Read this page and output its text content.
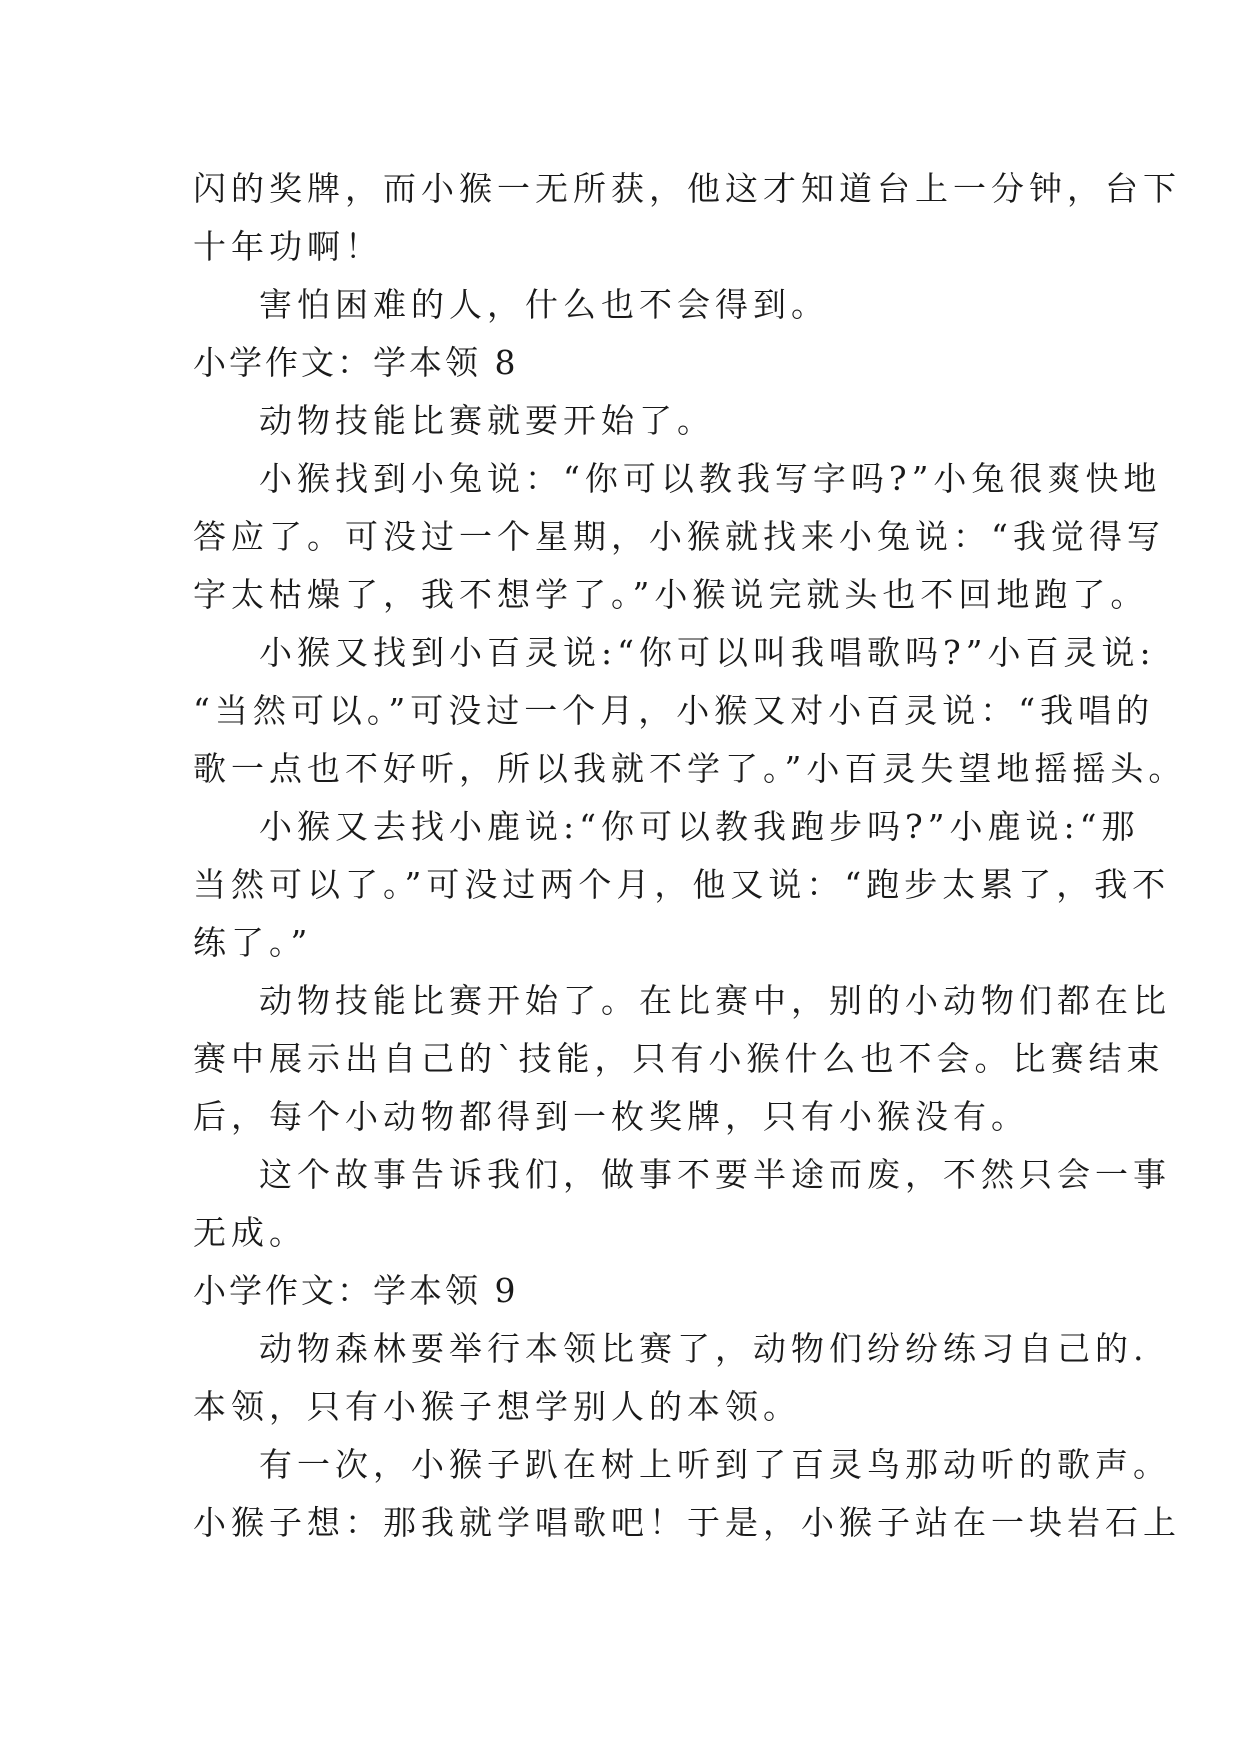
闪的奖牌，而小猴一无所获，他这才知道台上一分钟，台下
十年功啊！
害怕困难的人，什么也不会得到。
小学作文：学本领 8
动物技能比赛就要开始了。
小猴找到小兔说：“你可以教我写字吗?”小兔很爽快地
答应了。可没过一个星期，小猴就找来小兔说：“我觉得写
字太枯燥了，我不想学了。”小猴说完就头也不回地跑了。
小猴又找到小百灵说:“你可以叫我唱歌吗?”小百灵说:
“当然可以。”可没过一个月，小猴又对小百灵说：“我唱的
歌一点也不好听，所以我就不学了。”小百灵失望地摇摇头。
小猴又去找小鹿说:“你可以教我跑步吗?”小鹿说:“那
当然可以了。”可没过两个月，他又说：“跑步太累了，我不
练了。”
动物技能比赛开始了。在比赛中，别的小动物们都在比
赛中展示出自己的`技能，只有小猴什么也不会。比赛结束
后，每个小动物都得到一枚奖牌，只有小猴没有。
这个故事告诉我们，做事不要半途而废，不然只会一事
无成。
小学作文：学本领 9
动物森林要举行本领比赛了，动物们纷纷练习自己的.
本领，只有小猴子想学别人的本领。
有一次，小猴子趴在树上听到了百灵鸟那动听的歌声。
小猴子想：那我就学唱歌吧！于是，小猴子站在一块岩石上
